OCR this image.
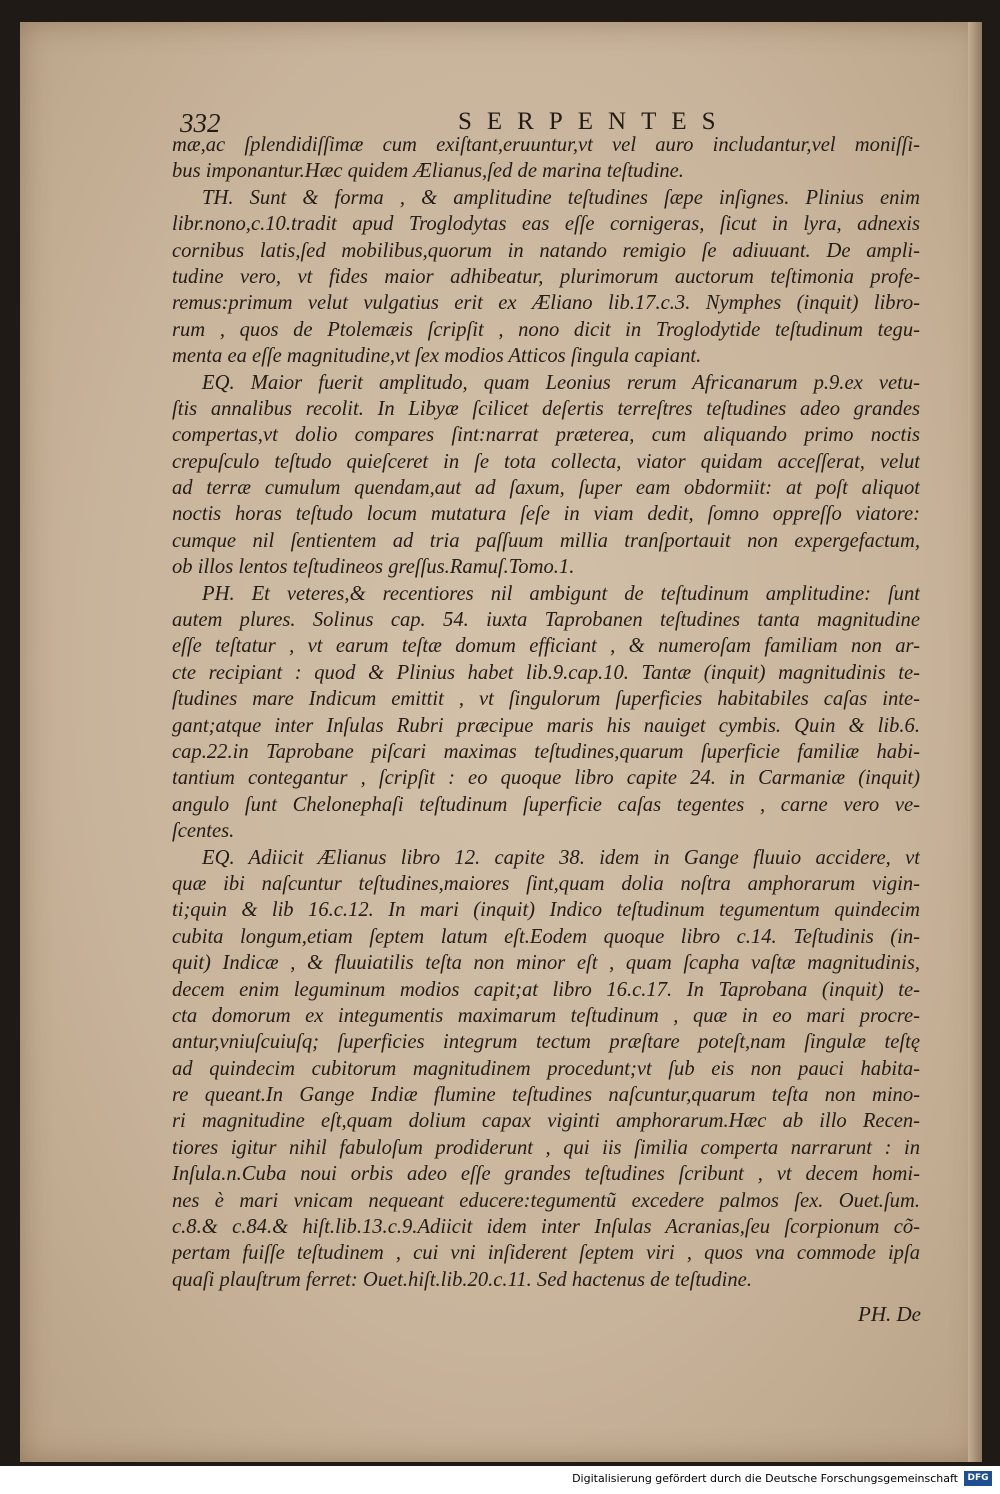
332	SERPENTES
mæ,ac ſplendidiſſimæ cum exiſtant,eruuntur,vt vel auro includantur,vel moniſſi-
bus imponantur.Hæc quidem Ælianus,ſed de marina teſtudine.
TH. Sunt & forma , & amplitudine teſtudines ſæpe inſignes. Plinius enim
libr.nono,c.10.tradit apud Troglodytas eas eſſe cornigeras, ſicut in lyra, adnexis
cornibus latis,ſed mobilibus,quorum in natando remigio ſe adiuuant. De ampli-
tudine vero, vt fides maior adhibeatur, plurimorum auctorum teſtimonia profe-
remus:primum velut vulgatius erit ex Æliano lib.17.c.3. Nymphes (inquit) libro-
rum , quos de Ptolemæis ſcripſit , nono dicit in Troglodytide teſtudinum tegu-
menta ea eſſe magnitudine,vt ſex modios Atticos ſingula capiant.
EQ. Maior fuerit amplitudo, quam Leonius rerum Africanarum p.9.ex vetu-
ſtis annalibus recolit. In Libyæ ſcilicet deſertis terreſtres teſtudines adeo grandes
compertas,vt dolio compares ſint:narrat præterea, cum aliquando primo noctis
crepuſculo teſtudo quieſceret in ſe tota collecta, viator quidam acceſſerat, velut
ad terræ cumulum quendam,aut ad ſaxum, ſuper eam obdormiit: at poſt aliquot
noctis horas teſtudo locum mutatura ſeſe in viam dedit, ſomno oppreſſo viatore:
cumque nil ſentientem ad tria paſſuum millia tranſportauit non expergefactum,
ob illos lentos teſtudineos greſſus.Ramuſ.Tomo.1.
PH. Et veteres,& recentiores nil ambigunt de teſtudinum amplitudine: ſunt
autem plures. Solinus cap. 54. iuxta Taprobanen teſtudines tanta magnitudine
eſſe teſtatur , vt earum teſtæ domum efficiant , & numeroſam familiam non ar-
cte recipiant : quod & Plinius habet lib.9.cap.10. Tantæ (inquit) magnitudinis te-
ſtudines mare Indicum emittit , vt ſingulorum ſuperficies habitabiles caſas inte-
gant;atque inter Inſulas Rubri præcipue maris his nauiget cymbis. Quin & lib.6.
cap.22.in Taprobane piſcari maximas teſtudines,quarum ſuperficie familiæ habi-
tantium contegantur , ſcripſit : eo quoque libro capite 24. in Carmaniæ (inquit)
angulo ſunt Chelonephaſi teſtudinum ſuperficie caſas tegentes , carne vero ve-
ſcentes.
EQ. Adiicit Ælianus libro 12. capite 38. idem in Gange fluuio accidere, vt
quæ ibi naſcuntur teſtudines,maiores ſint,quam dolia noſtra amphorarum vigin-
ti;quin & lib 16.c.12. In mari (inquit) Indico teſtudinum tegumentum quindecim
cubita longum,etiam ſeptem latum eſt.Eodem quoque libro c.14. Teſtudinis (in-
quit) Indicæ , & fluuiatilis teſta non minor eſt , quam ſcapha vaſtæ magnitudinis,
decem enim leguminum modios capit;at libro 16.c.17. In Taprobana (inquit) te-
cta domorum ex integumentis maximarum teſtudinum , quæ in eo mari procre-
antur,vniuſcuiuſq; ſuperficies integrum tectum præſtare poteſt,nam ſingulæ teſtę
ad quindecim cubitorum magnitudinem procedunt;vt ſub eis non pauci habita-
re queant.In Gange Indiæ flumine teſtudines naſcuntur,quarum teſta non mino-
ri magnitudine eſt,quam dolium capax viginti amphorarum.Hæc ab illo Recen-
tiores igitur nihil fabuloſum prodiderunt , qui iis ſimilia comperta narrarunt : in
Inſula.n.Cuba noui orbis adeo eſſe grandes teſtudines ſcribunt , vt decem homi-
nes è mari vnicam nequeant educere:tegumentũ excedere palmos ſex. Ouet.ſum.
c.8.& c.84.& hiſt.lib.13.c.9.Adiicit idem inter Inſulas Acranias,ſeu ſcorpionum cõ-
pertam fuiſſe teſtudinem , cui vni inſiderent ſeptem viri , quos vna commode ipſa
quaſi plauſtrum ferret: Ouet.hiſt.lib.20.c.11. Sed hactenus de teſtudine.
PH. De
Digitalisierung gefördert durch die Deutsche Forschungsgemeinschaft	DFG
